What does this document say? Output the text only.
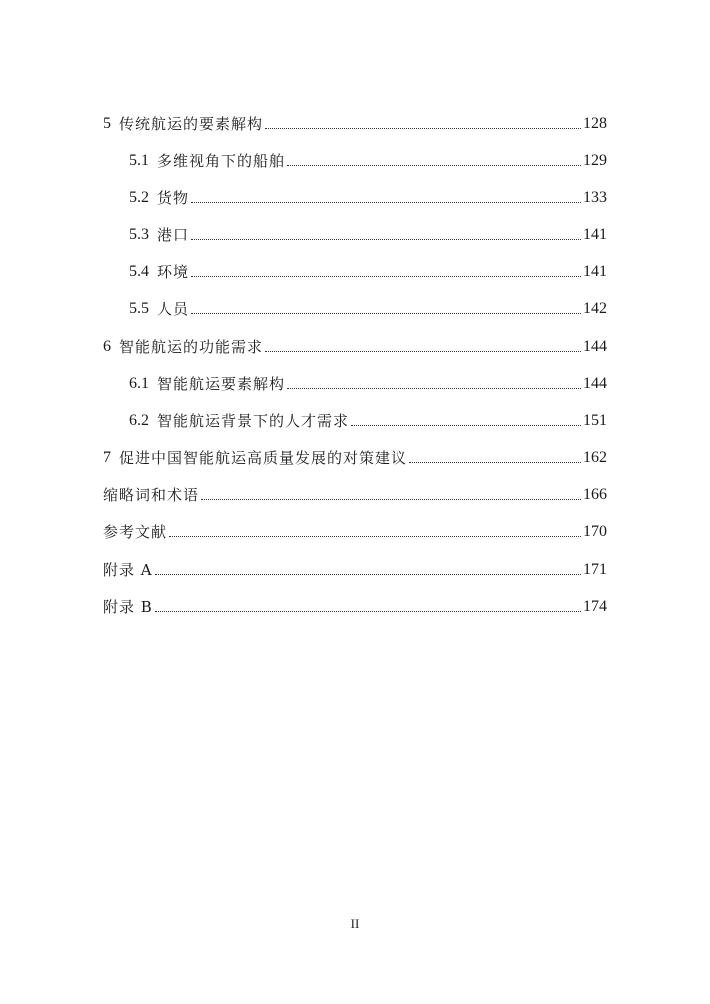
5 传统航运的要素解构	128
5.1 多维视角下的船舶	129
5.2 货物	133
5.3 港口	141
5.4 环境	141
5.5 人员	142
6 智能航运的功能需求	144
6.1 智能航运要素解构	144
6.2 智能航运背景下的人才需求	151
7 促进中国智能航运高质量发展的对策建议	162
缩略词和术语	166
参考文献	170
附录 A	171
附录 B	174
II
